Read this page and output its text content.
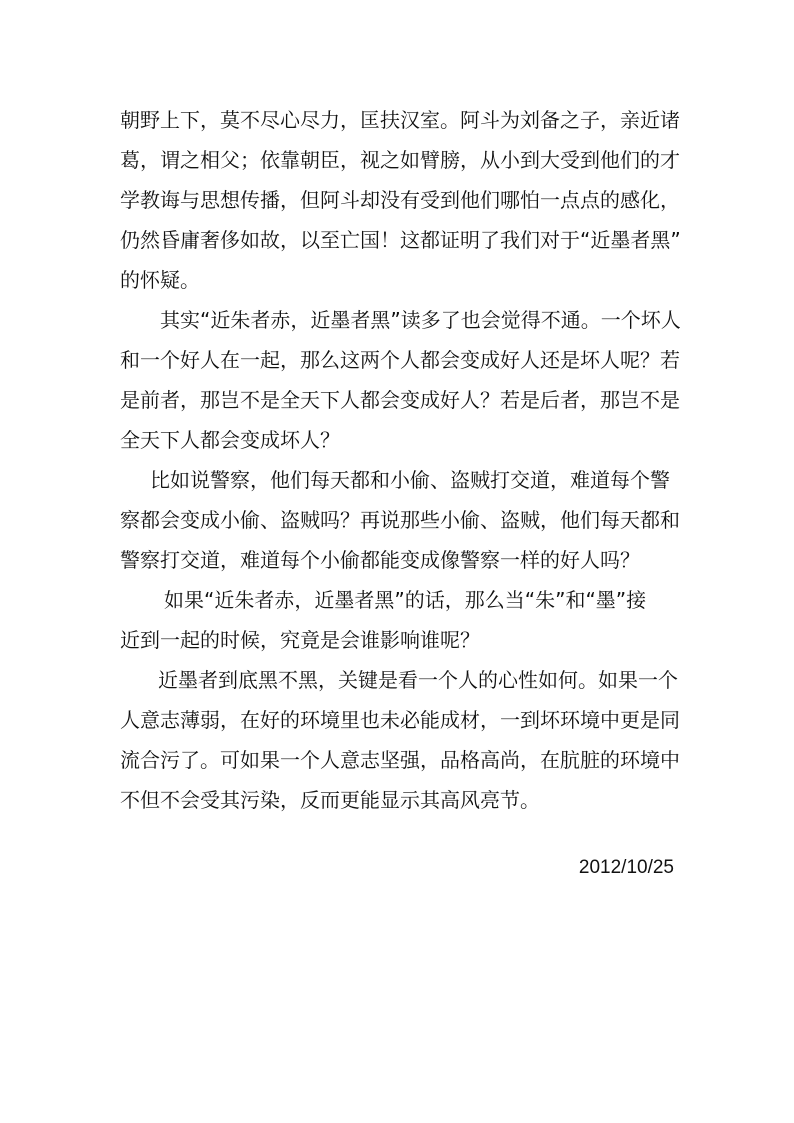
朝野上下，莫不尽心尽力，匡扶汉室。阿斗为刘备之子，亲近诸
葛，谓之相父；依靠朝臣，视之如臂膀，从小到大受到他们的才
学教诲与思想传播，但阿斗却没有受到他们哪怕一点点的感化，
仍然昏庸奢侈如故，以至亡国！这都证明了我们对于“近墨者黑”
的怀疑。

其实“近朱者赤，近墨者黑”读多了也会觉得不通。一个坏人
和一个好人在一起，那么这两个人都会变成好人还是坏人呢？若
是前者，那岂不是全天下人都会变成好人？若是后者，那岂不是
全天下人都会变成坏人？

比如说警察，他们每天都和小偷、盗贼打交道，难道每个警
察都会变成小偷、盗贼吗？再说那些小偷、盗贼，他们每天都和
警察打交道，难道每个小偷都能变成像警察一样的好人吗？

如果“近朱者赤，近墨者黑”的话，那么当“朱”和“墨”接
近到一起的时候，究竟是会谁影响谁呢？

近墨者到底黑不黑，关键是看一个人的心性如何。如果一个
人意志薄弱，在好的环境里也未必能成材，一到坏环境中更是同
流合污了。可如果一个人意志坚强，品格高尚，在肮脏的环境中
不但不会受其污染，反而更能显示其高风亮节。

2012/10/25
